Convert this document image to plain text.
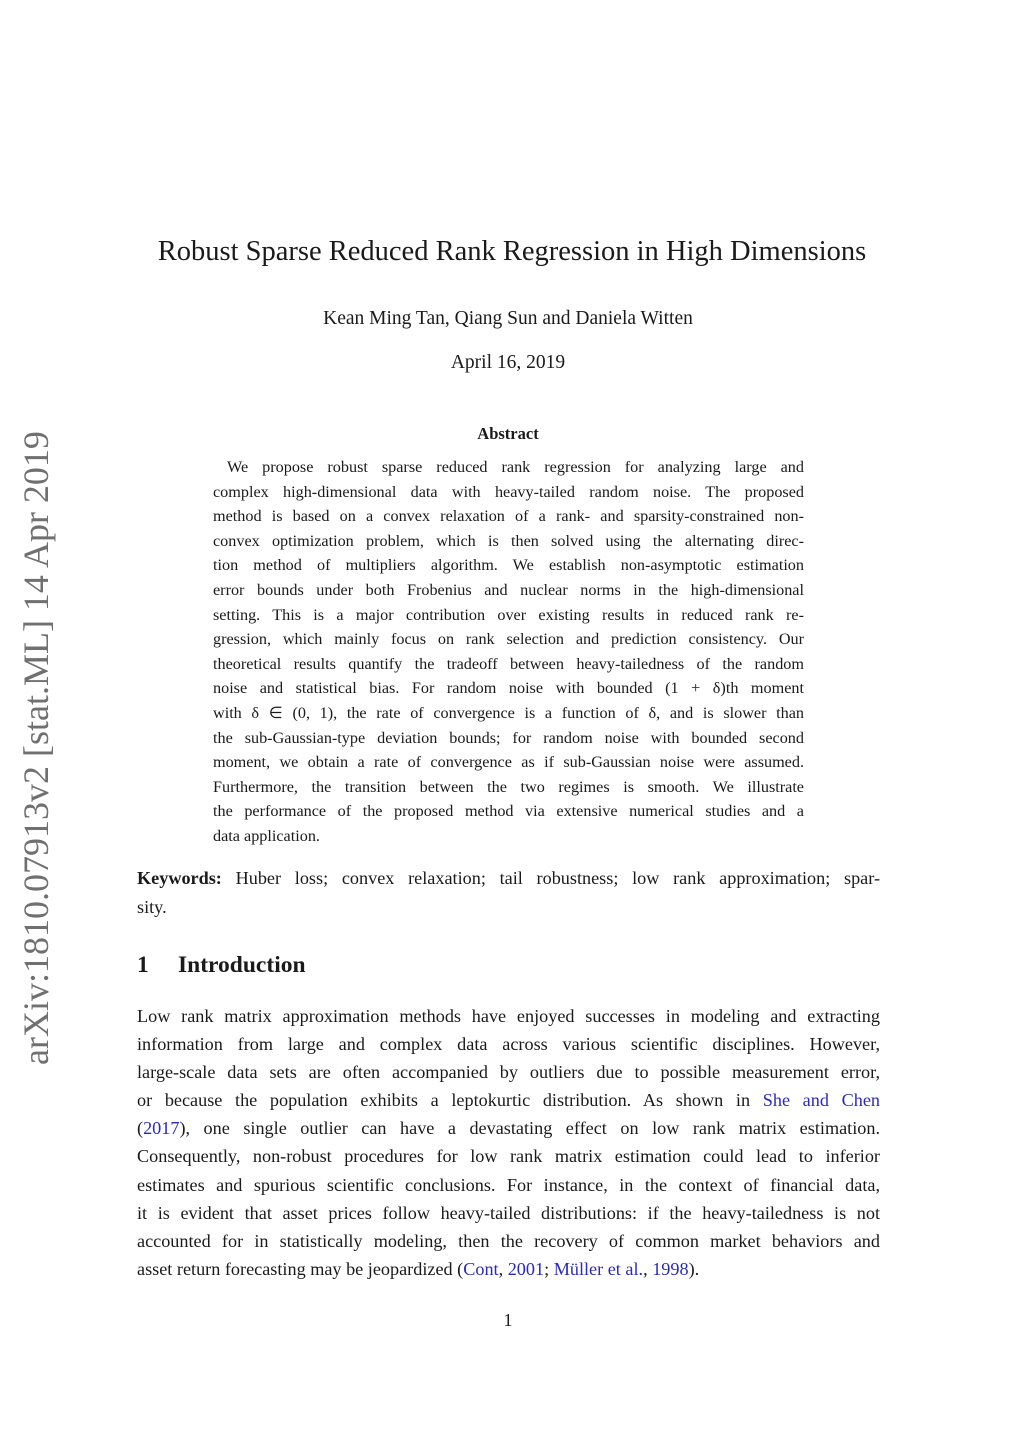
arXiv:1810.07913v2 [stat.ML] 14 Apr 2019
Robust Sparse Reduced Rank Regression in High Dimensions
Kean Ming Tan, Qiang Sun and Daniela Witten
April 16, 2019
Abstract
We propose robust sparse reduced rank regression for analyzing large and
complex high-dimensional data with heavy-tailed random noise. The proposed
method is based on a convex relaxation of a rank- and sparsity-constrained non-
convex optimization problem, which is then solved using the alternating direc-
tion method of multipliers algorithm. We establish non-asymptotic estimation
error bounds under both Frobenius and nuclear norms in the high-dimensional
setting. This is a major contribution over existing results in reduced rank re-
gression, which mainly focus on rank selection and prediction consistency. Our
theoretical results quantify the tradeoff between heavy-tailedness of the random
noise and statistical bias. For random noise with bounded (1 + δ)th moment
with δ ∈ (0, 1), the rate of convergence is a function of δ, and is slower than
the sub-Gaussian-type deviation bounds; for random noise with bounded second
moment, we obtain a rate of convergence as if sub-Gaussian noise were assumed.
Furthermore, the transition between the two regimes is smooth. We illustrate
the performance of the proposed method via extensive numerical studies and a
data application.
Keywords: Huber loss; convex relaxation; tail robustness; low rank approximation; spar-
sity.
1 Introduction
Low rank matrix approximation methods have enjoyed successes in modeling and extracting
information from large and complex data across various scientific disciplines. However,
large-scale data sets are often accompanied by outliers due to possible measurement error,
or because the population exhibits a leptokurtic distribution. As shown in She and Chen
(2017), one single outlier can have a devastating effect on low rank matrix estimation.
Consequently, non-robust procedures for low rank matrix estimation could lead to inferior
estimates and spurious scientific conclusions. For instance, in the context of financial data,
it is evident that asset prices follow heavy-tailed distributions: if the heavy-tailedness is not
accounted for in statistically modeling, then the recovery of common market behaviors and
asset return forecasting may be jeopardized (Cont, 2001; Müller et al., 1998).
1
